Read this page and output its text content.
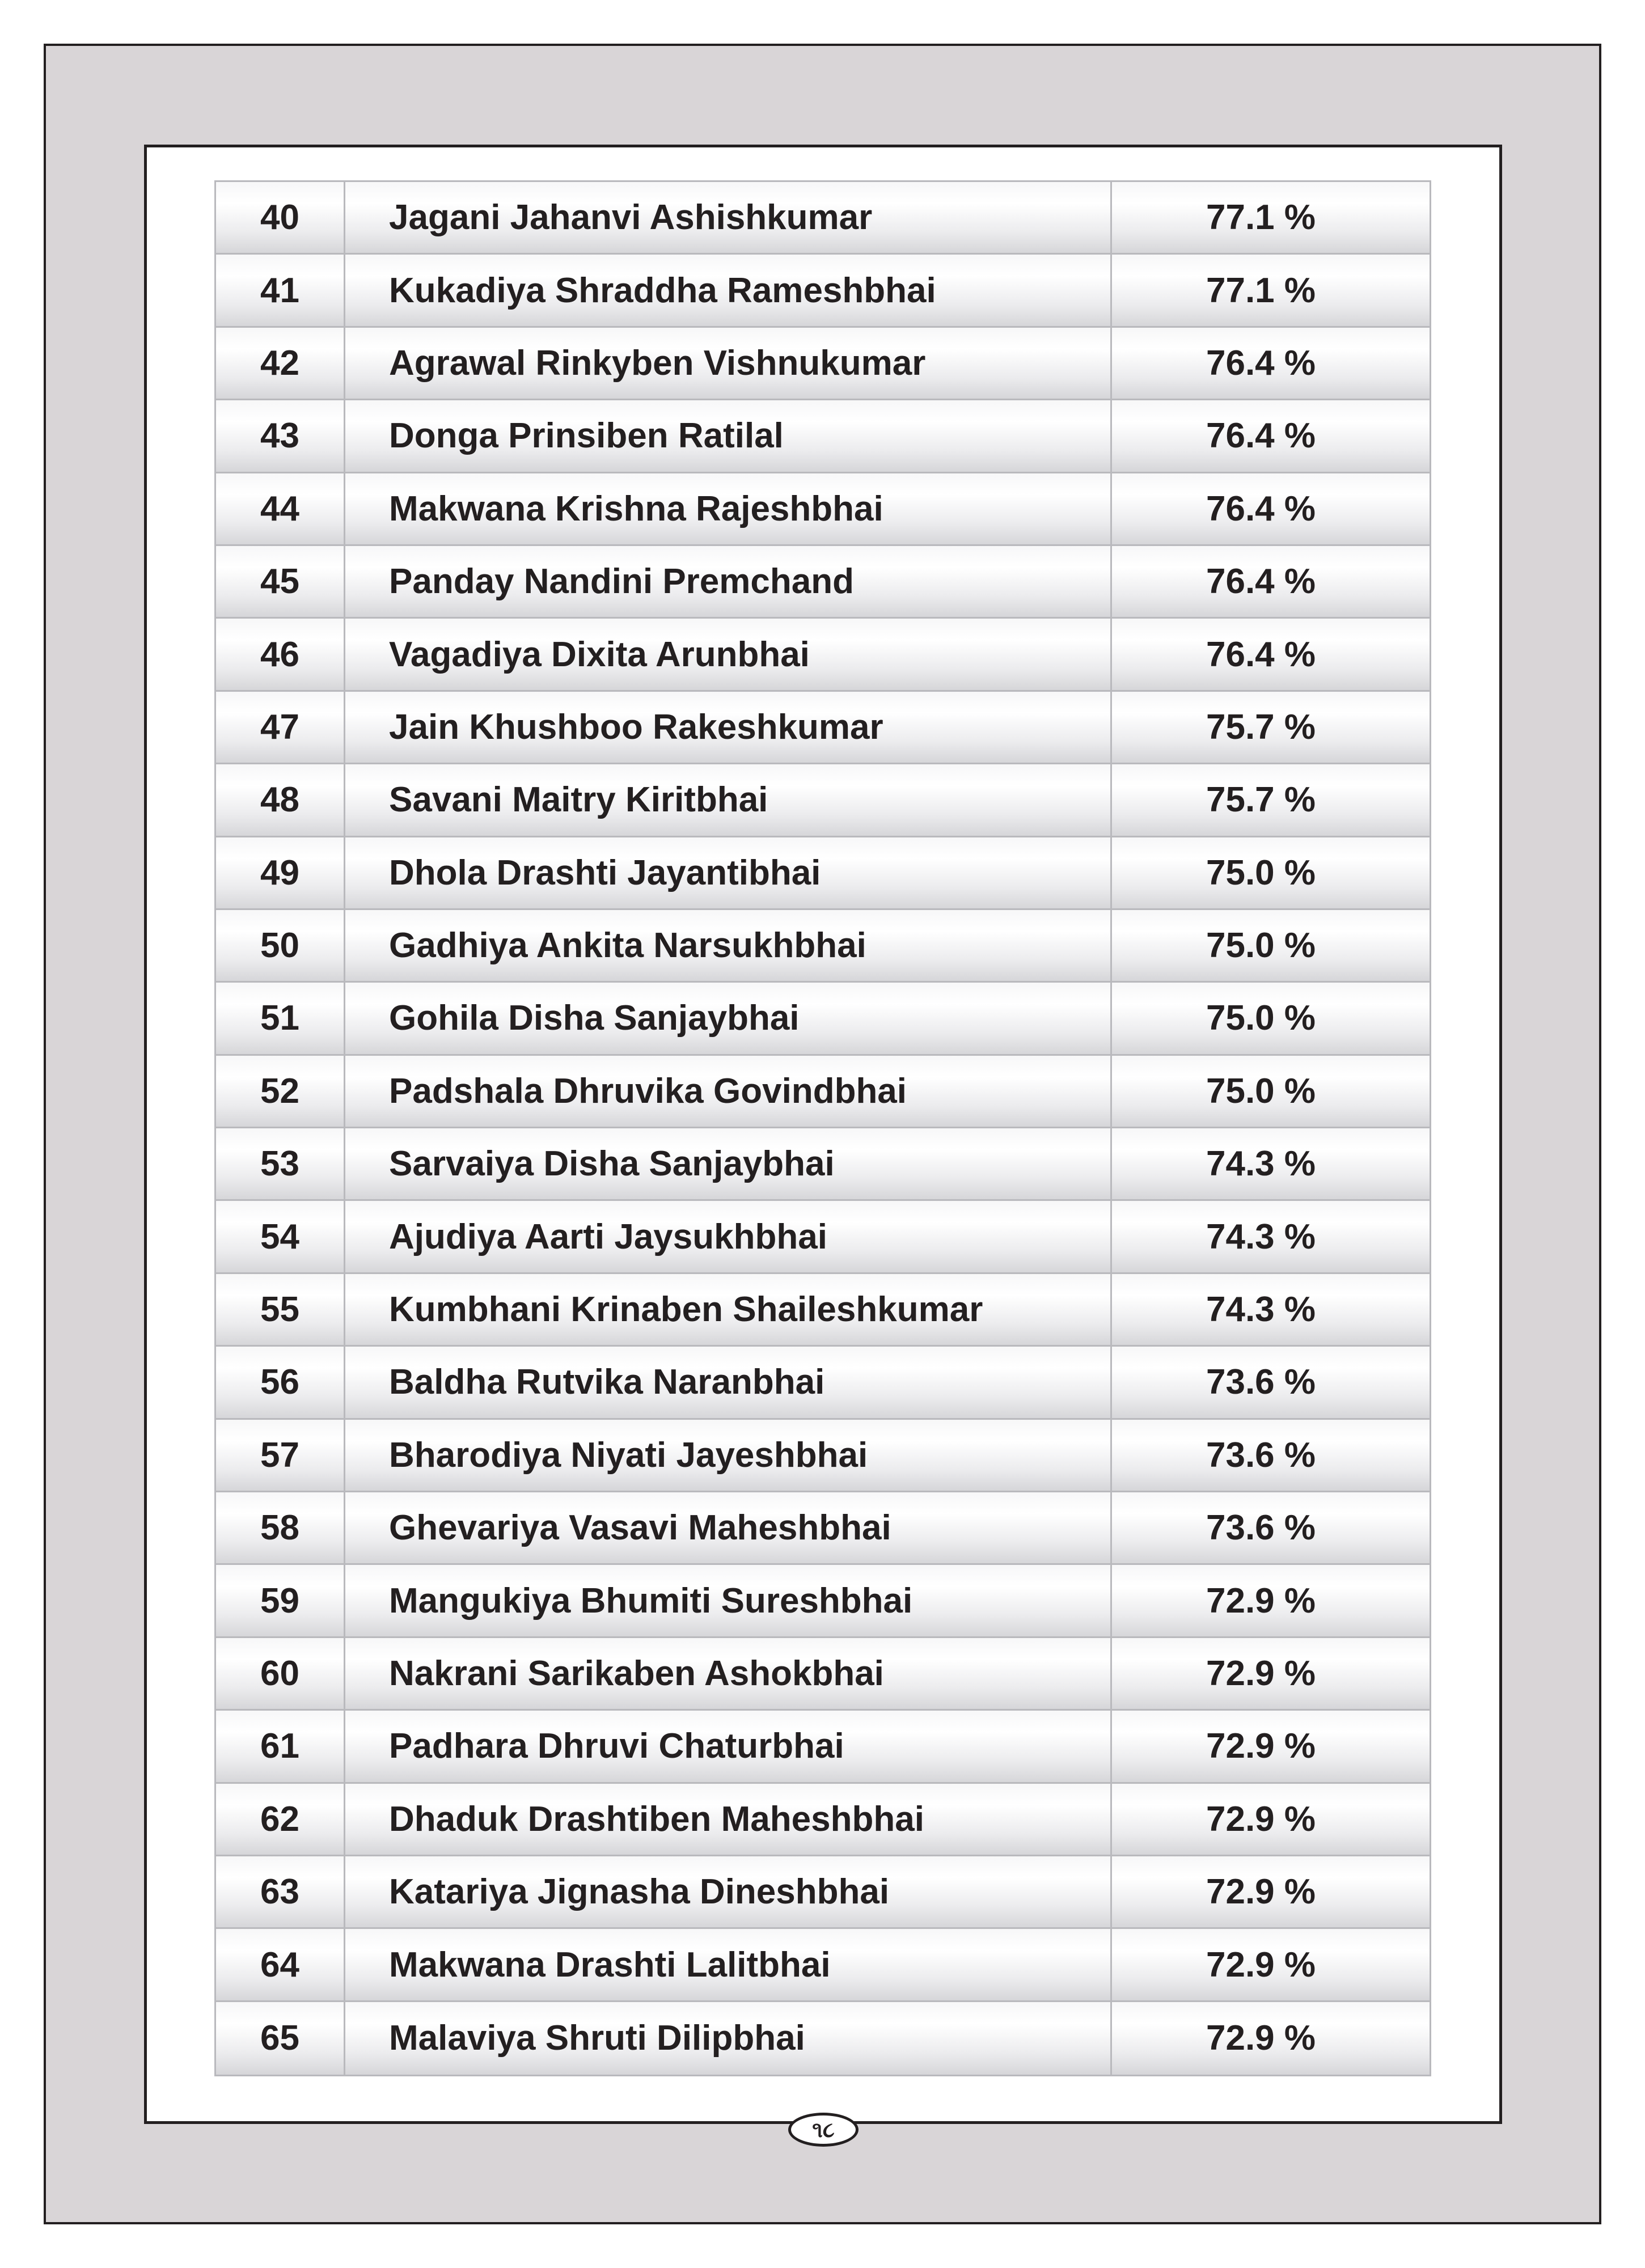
40	Jagani Jahanvi Ashishkumar	77.1 %
41	Kukadiya Shraddha Rameshbhai	77.1 %
42	Agrawal Rinkyben Vishnukumar	76.4 %
43	Donga Prinsiben Ratilal	76.4 %
44	Makwana Krishna Rajeshbhai	76.4 %
45	Panday Nandini Premchand	76.4 %
46	Vagadiya Dixita Arunbhai	76.4 %
47	Jain Khushboo Rakeshkumar	75.7 %
48	Savani Maitry Kiritbhai	75.7 %
49	Dhola Drashti Jayantibhai	75.0 %
50	Gadhiya Ankita Narsukhbhai	75.0 %
51	Gohila Disha Sanjaybhai	75.0 %
52	Padshala Dhruvika Govindbhai	75.0 %
53	Sarvaiya Disha Sanjaybhai	74.3 %
54	Ajudiya Aarti Jaysukhbhai	74.3 %
55	Kumbhani Krinaben Shaileshkumar	74.3 %
56	Baldha Rutvika Naranbhai	73.6 %
57	Bharodiya Niyati Jayeshbhai	73.6 %
58	Ghevariya Vasavi Maheshbhai	73.6 %
59	Mangukiya Bhumiti Sureshbhai	72.9 %
60	Nakrani Sarikaben Ashokbhai	72.9 %
61	Padhara Dhruvi Chaturbhai	72.9 %
62	Dhaduk Drashtiben Maheshbhai	72.9 %
63	Katariya Jignasha Dineshbhai	72.9 %
64	Makwana Drashti Lalitbhai	72.9 %
65	Malaviya Shruti Dilipbhai	72.9 %
૧૮
